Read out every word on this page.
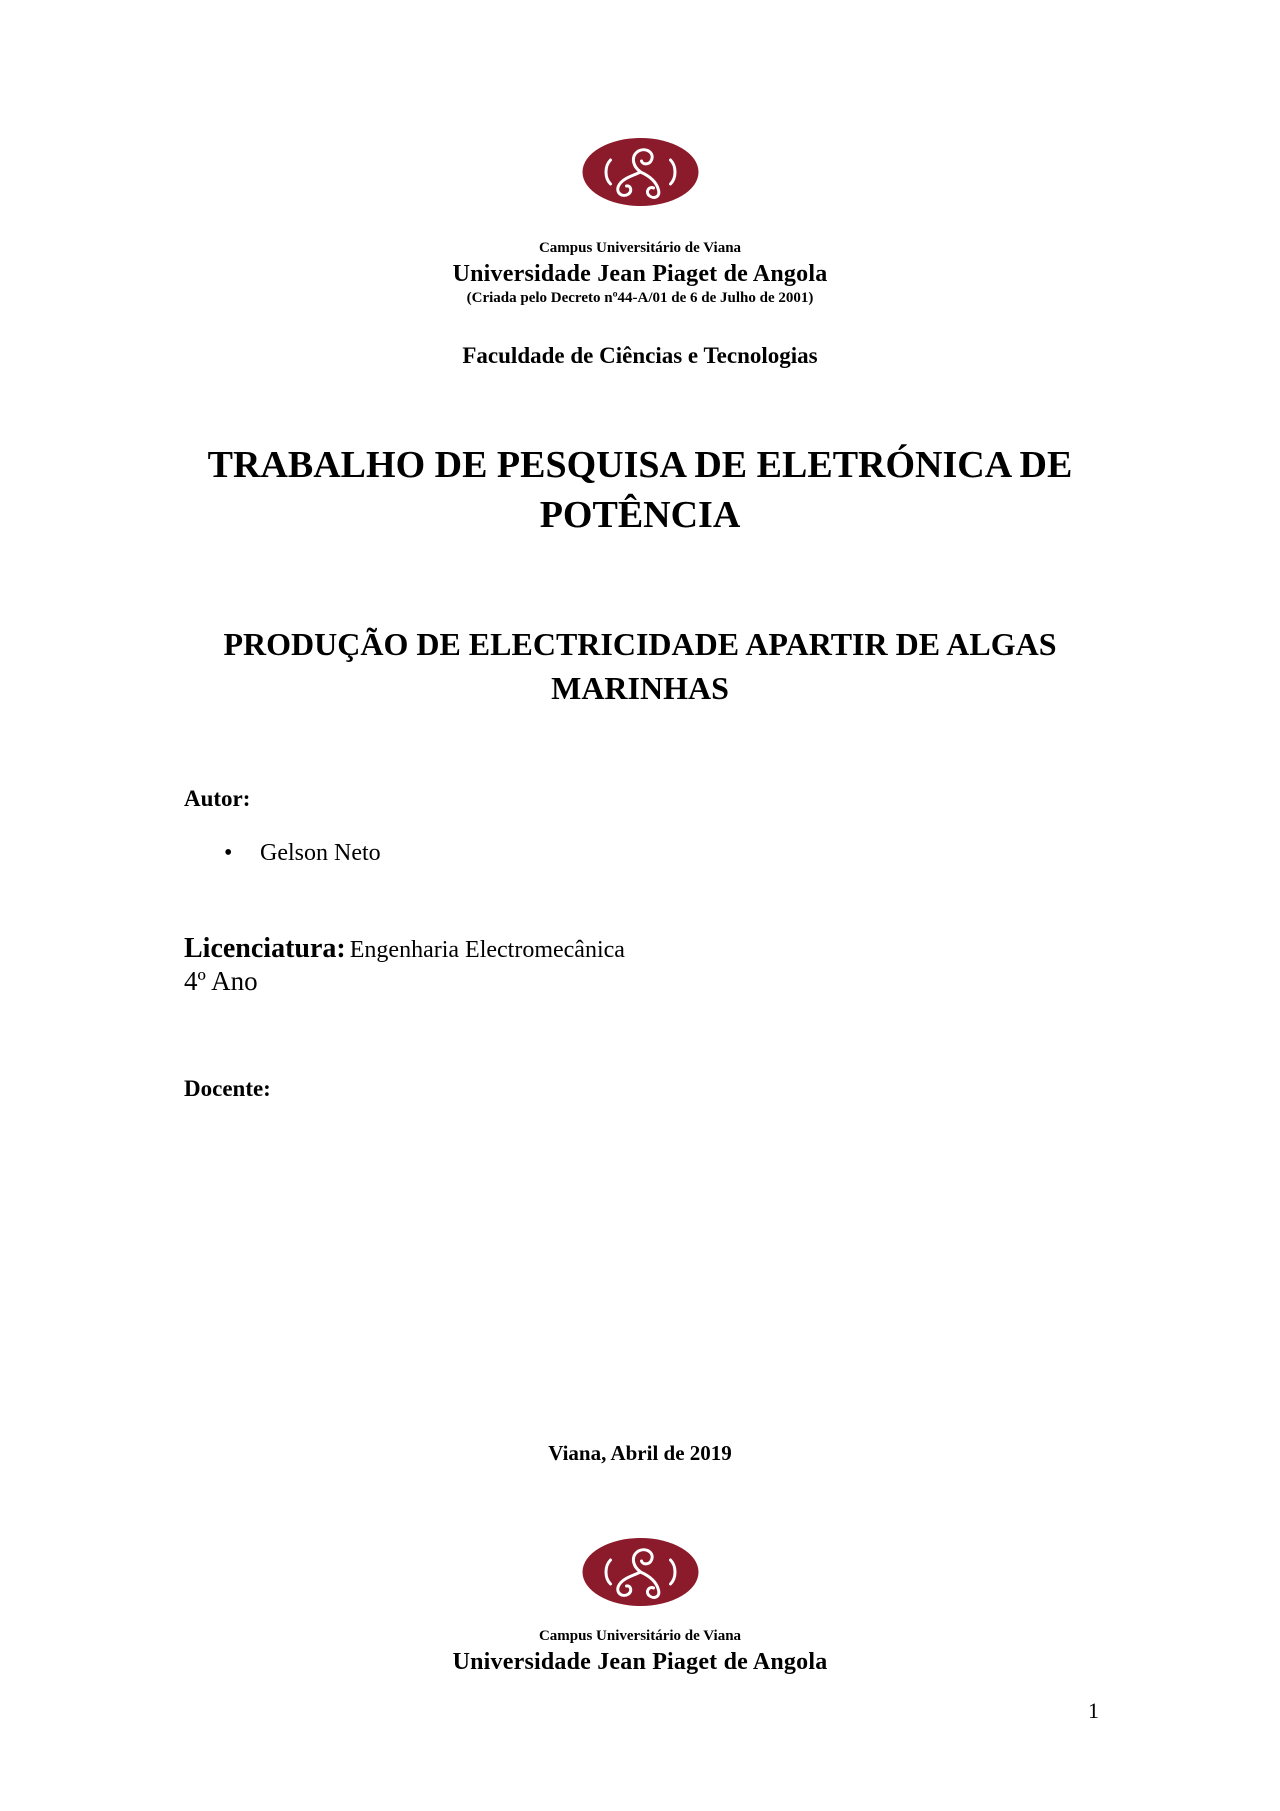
Campus Universitário de Viana
Universidade Jean Piaget de Angola
(Criada pelo Decreto nº44-A/01 de 6 de Julho de 2001)
Faculdade de Ciências e Tecnologias
TRABALHO DE PESQUISA DE ELETRÓNICA DE
POTÊNCIA
PRODUÇÃO DE ELECTRICIDADE APARTIR DE ALGAS
MARINHAS
Autor:
• Gelson Neto
Licenciatura: Engenharia Electromecânica
4º Ano
Docente:
Viana, Abril de 2019
Campus Universitário de Viana
Universidade Jean Piaget de Angola
1
